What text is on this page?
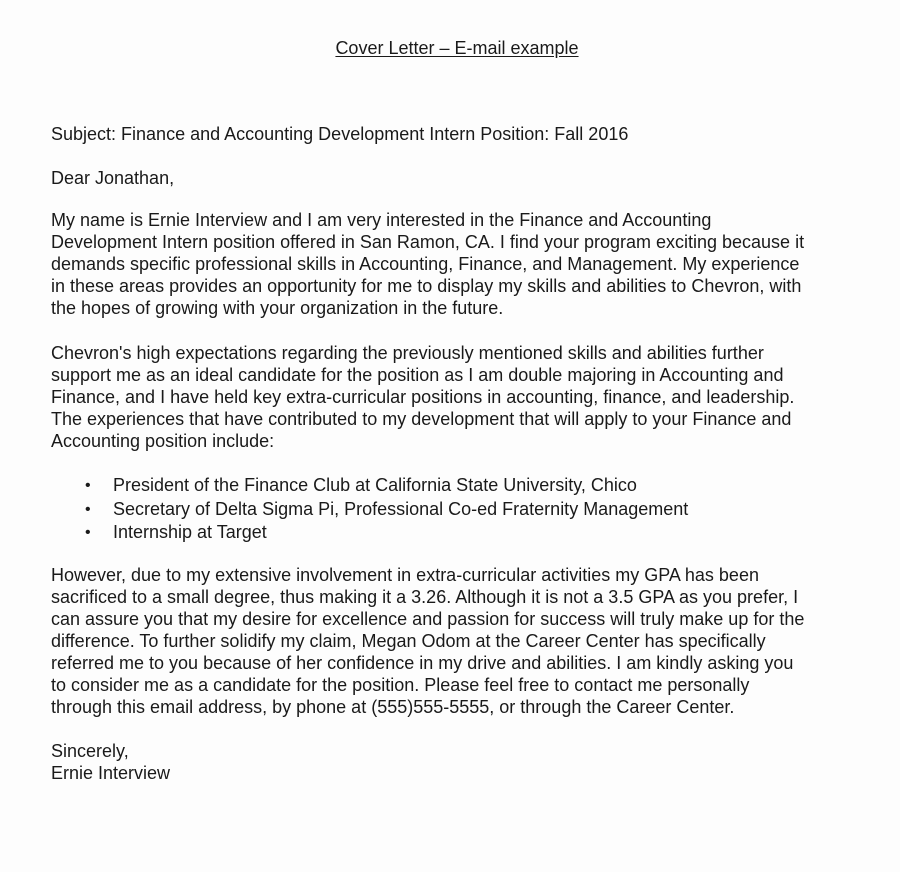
Cover Letter – E-mail example

Subject: Finance and Accounting Development Intern Position: Fall 2016

Dear Jonathan,

My name is Ernie Interview and I am very interested in the Finance and Accounting
Development Intern position offered in San Ramon, CA. I find your program exciting because it
demands specific professional skills in Accounting, Finance, and Management. My experience
in these areas provides an opportunity for me to display my skills and abilities to Chevron, with
the hopes of growing with your organization in the future.

Chevron's high expectations regarding the previously mentioned skills and abilities further
support me as an ideal candidate for the position as I am double majoring in Accounting and
Finance, and I have held key extra-curricular positions in accounting, finance, and leadership.
The experiences that have contributed to my development that will apply to your Finance and
Accounting position include:

• President of the Finance Club at California State University, Chico
• Secretary of Delta Sigma Pi, Professional Co-ed Fraternity Management
• Internship at Target

However, due to my extensive involvement in extra-curricular activities my GPA has been
sacrificed to a small degree, thus making it a 3.26. Although it is not a 3.5 GPA as you prefer, I
can assure you that my desire for excellence and passion for success will truly make up for the
difference. To further solidify my claim, Megan Odom at the Career Center has specifically
referred me to you because of her confidence in my drive and abilities. I am kindly asking you
to consider me as a candidate for the position. Please feel free to contact me personally
through this email address, by phone at (555)555-5555, or through the Career Center.

Sincerely,

Ernie Interview
